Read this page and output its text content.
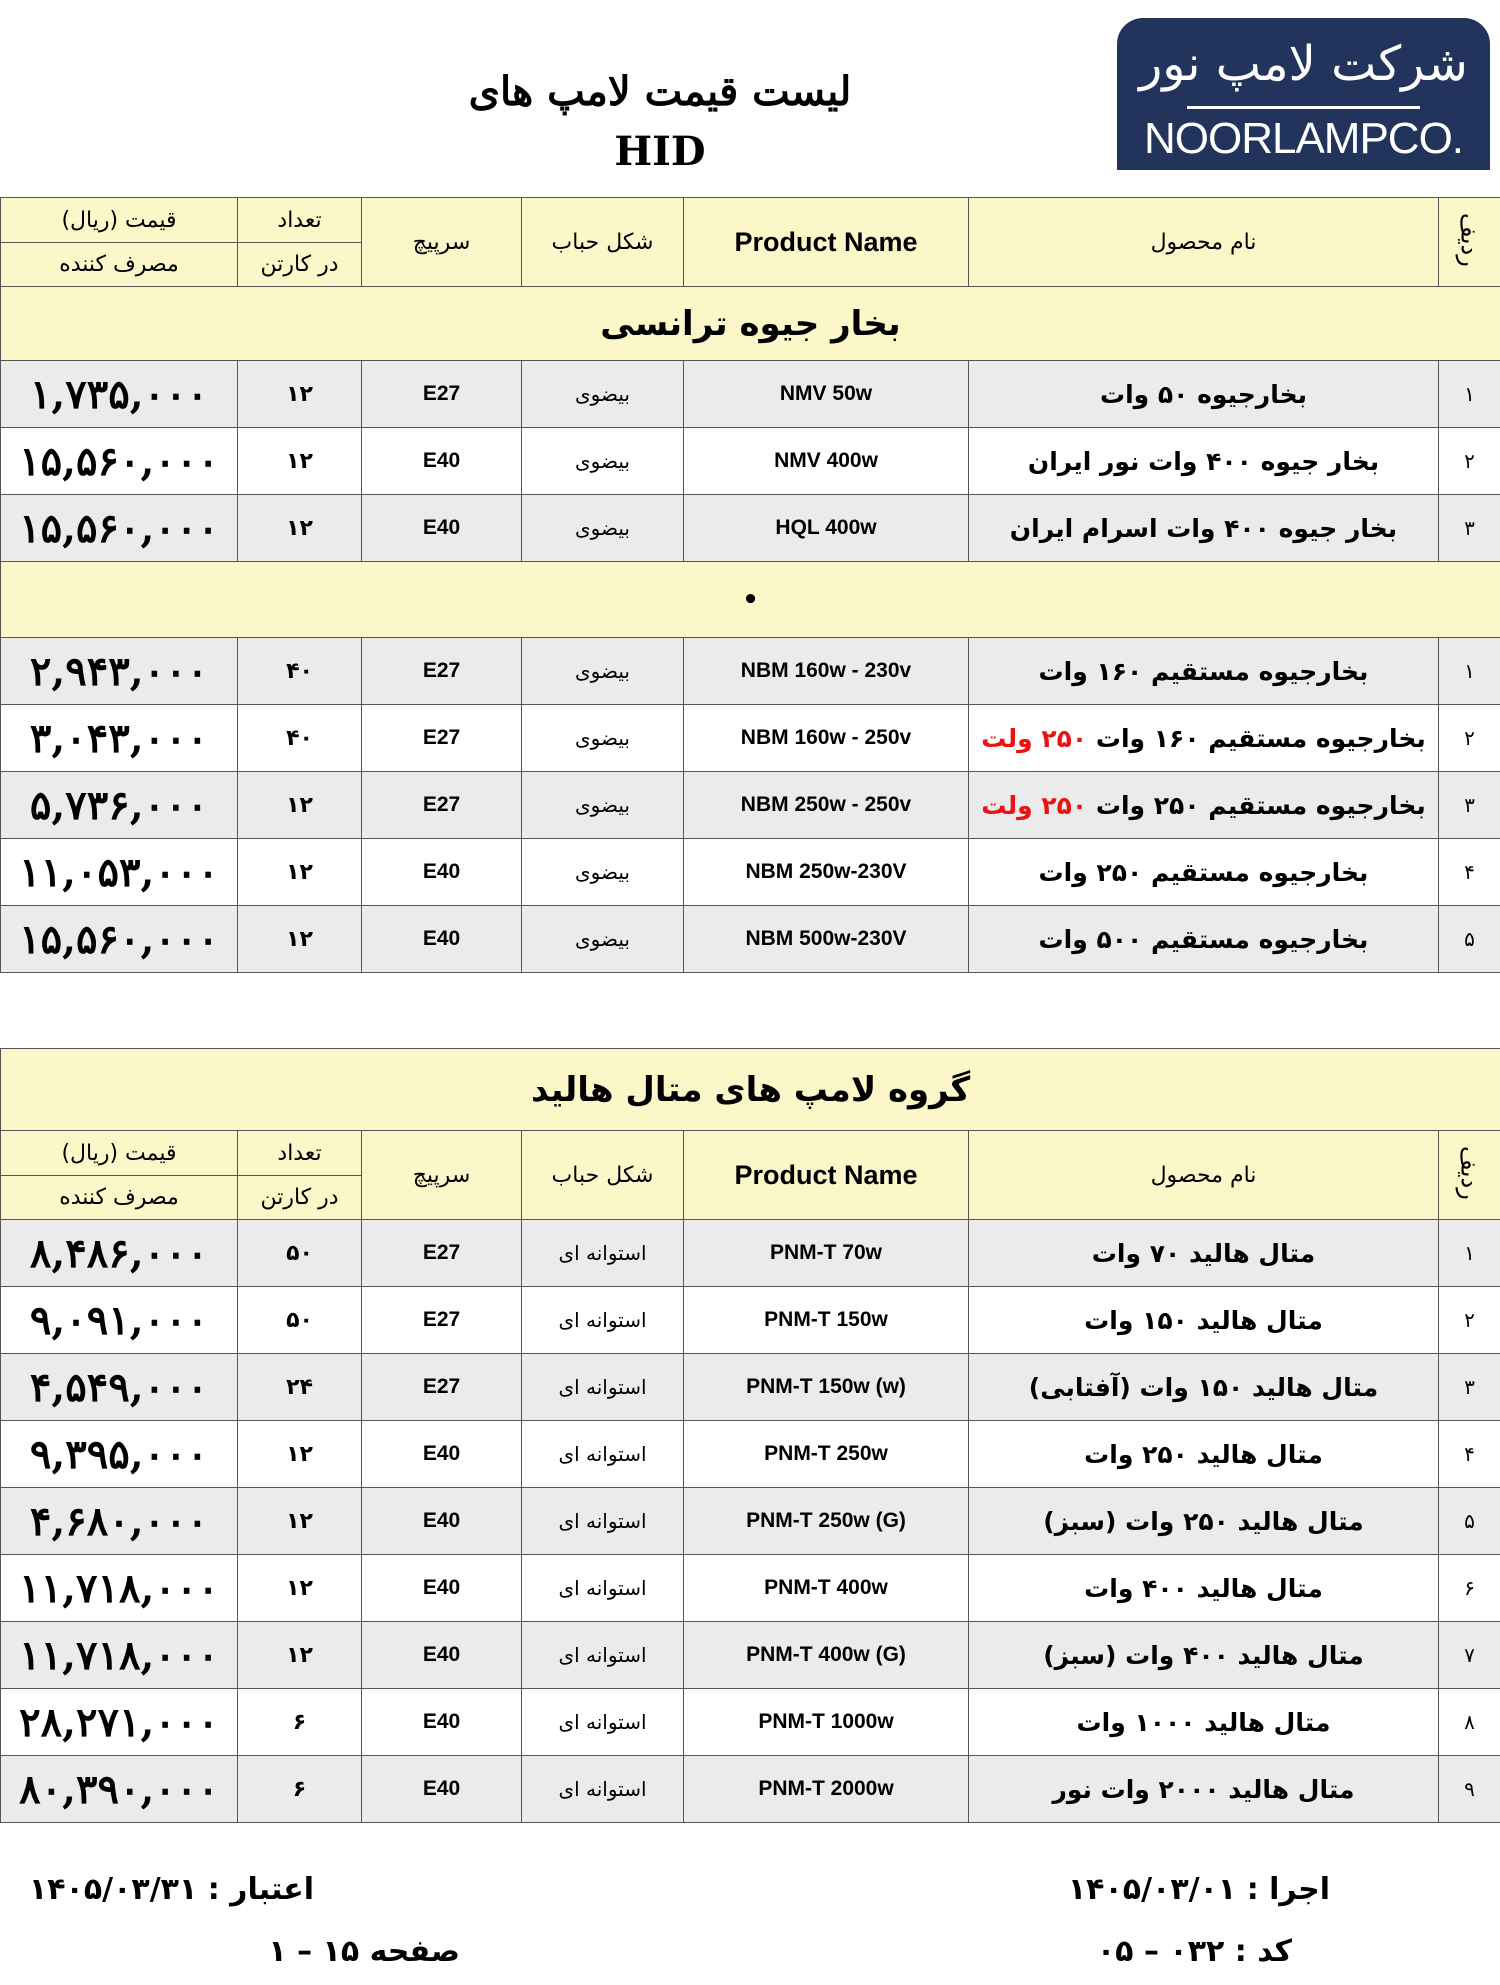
لیست قیمت لامپ های HID
شرکت لامپ نور
NOORLAMPCO.
قیمت (ریال)	تعداد	سرپیچ	شکل حباب	Product Name	نام محصول	ردیف
مصرف کننده	در کارتن					
بخار جیوه ترانسی						
۱,۷۳۵,۰۰۰	۱۲	E27	بیضوی	NMV 50w	بخارجیوه ۵۰ وات	۱
۱۵,۵۶۰,۰۰۰	۱۲	E40	بیضوی	NMV 400w	بخار جیوه ۴۰۰ وات نور ایران	۲
۱۵,۵۶۰,۰۰۰	۱۲	E40	بیضوی	HQL 400w	بخار جیوه ۴۰۰ وات اسرام ایران	۳
•						
۲,۹۴۳,۰۰۰	۴۰	E27	بیضوی	NBM 160w - 230v	بخارجیوه مستقیم ۱۶۰ وات	۱
۳,۰۴۳,۰۰۰	۴۰	E27	بیضوی	NBM 160w - 250v	بخارجیوه مستقیم ۱۶۰ وات ۲۵۰ ولت	۲
۵,۷۳۶,۰۰۰	۱۲	E27	بیضوی	NBM 250w - 250v	بخارجیوه مستقیم ۲۵۰ وات ۲۵۰ ولت	۳
۱۱,۰۵۳,۰۰۰	۱۲	E40	بیضوی	NBM 250w-230V	بخارجیوه مستقیم ۲۵۰ وات	۴
۱۵,۵۶۰,۰۰۰	۱۲	E40	بیضوی	NBM 500w-230V	بخارجیوه مستقیم ۵۰۰ وات	۵
گروه لامپ های متال هالید						
قیمت (ریال)	تعداد	سرپیچ	شکل حباب	Product Name	نام محصول	ردیف
مصرف کننده	در کارتن					
۸,۴۸۶,۰۰۰	۵۰	E27	استوانه ای	PNM-T 70w	متال هالید ۷۰ وات	۱
۹,۰۹۱,۰۰۰	۵۰	E27	استوانه ای	PNM-T 150w	متال هالید ۱۵۰ وات	۲
۴,۵۴۹,۰۰۰	۲۴	E27	استوانه ای	PNM-T 150w (w)	متال هالید ۱۵۰ وات (آفتابی)	۳
۹,۳۹۵,۰۰۰	۱۲	E40	استوانه ای	PNM-T 250w	متال هالید ۲۵۰ وات	۴
۴,۶۸۰,۰۰۰	۱۲	E40	استوانه ای	PNM-T 250w (G)	متال هالید ۲۵۰ وات (سبز)	۵
۱۱,۷۱۸,۰۰۰	۱۲	E40	استوانه ای	PNM-T 400w	متال هالید ۴۰۰ وات	۶
۱۱,۷۱۸,۰۰۰	۱۲	E40	استوانه ای	PNM-T 400w (G)	متال هالید ۴۰۰ وات (سبز)	۷
۲۸,۲۷۱,۰۰۰	۶	E40	استوانه ای	PNM-T 1000w	متال هالید ۱۰۰۰ وات	۸
۸۰,۳۹۰,۰۰۰	۶	E40	استوانه ای	PNM-T 2000w	متال هالید ۲۰۰۰ وات نور	۹
اجرا : ۱۴۰۵/۰۳/۰۱
اعتبار : ۱۴۰۵/۰۳/۳۱
کد : ۰۳۲ – ۰۵
صفحه ۱۵ – ۱
